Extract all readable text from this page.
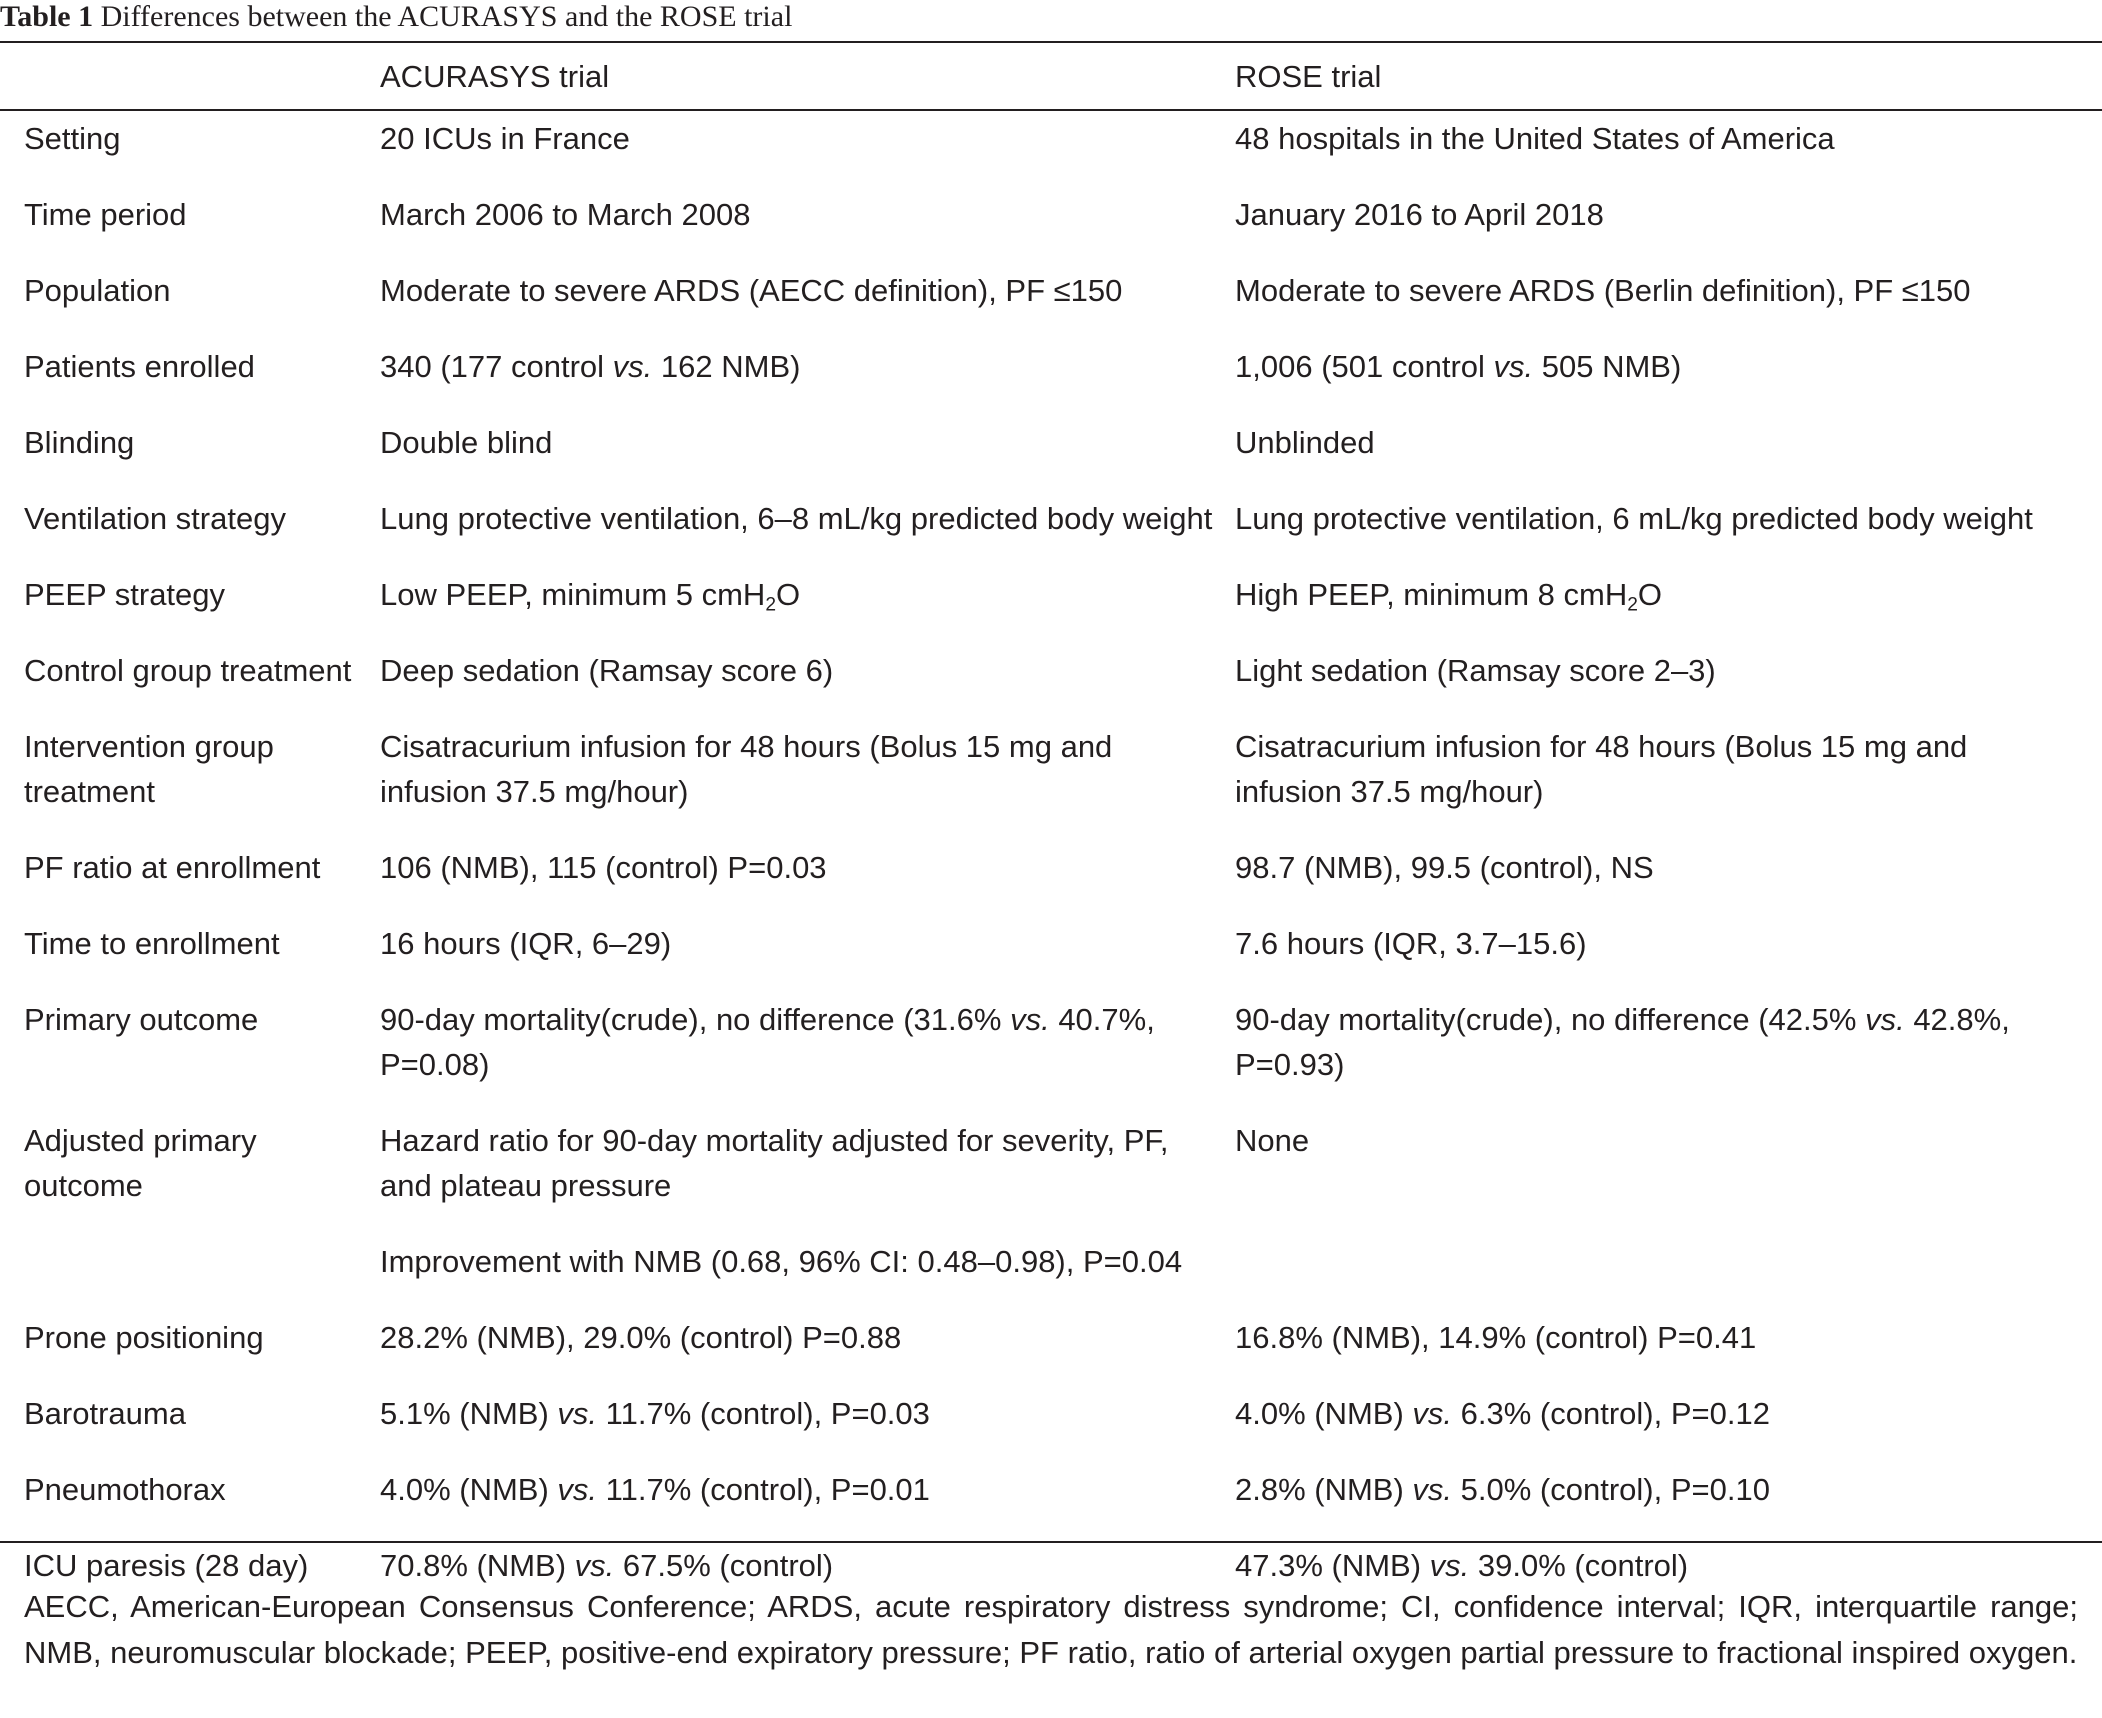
Table 1 Differences between the ACURASYS and the ROSE trial
	ACURASYS trial	ROSE trial
Setting	20 ICUs in France	48 hospitals in the United States of America
Time period	March 2006 to March 2008	January 2016 to April 2018
Population	Moderate to severe ARDS (AECC definition), PF ≤150	Moderate to severe ARDS (Berlin definition), PF ≤150
Patients enrolled	340 (177 control vs. 162 NMB)	1,006 (501 control vs. 505 NMB)
Blinding	Double blind	Unblinded
Ventilation strategy	Lung protective ventilation, 6–8 mL/kg predicted body weight	Lung protective ventilation, 6 mL/kg predicted body weight
PEEP strategy	Low PEEP, minimum 5 cmH$_2$O	High PEEP, minimum 8 cmH$_2$O
Control group treatment	Deep sedation (Ramsay score 6)	Light sedation (Ramsay score 2–3)
Intervention group treatment	Cisatracurium infusion for 48 hours (Bolus 15 mg and infusion 37.5 mg/hour)	Cisatracurium infusion for 48 hours (Bolus 15 mg and infusion 37.5 mg/hour)
PF ratio at enrollment	106 (NMB), 115 (control) P=0.03	98.7 (NMB), 99.5 (control), NS
Time to enrollment	16 hours (IQR, 6–29)	7.6 hours (IQR, 3.7–15.6)
Primary outcome	90-day mortality(crude), no difference (31.6% vs. 40.7%, P=0.08)	90-day mortality(crude), no difference (42.5% vs. 42.8%, P=0.93)
Adjusted primary outcome	Hazard ratio for 90-day mortality adjusted for severity, PF, and plateau pressure	None
	Improvement with NMB (0.68, 96% CI: 0.48–0.98), P=0.04	
Prone positioning	28.2% (NMB), 29.0% (control) P=0.88	16.8% (NMB), 14.9% (control) P=0.41
Barotrauma	5.1% (NMB) vs. 11.7% (control), P=0.03	4.0% (NMB) vs. 6.3% (control), P=0.12
Pneumothorax	4.0% (NMB) vs. 11.7% (control), P=0.01	2.8% (NMB) vs. 5.0% (control), P=0.10
ICU paresis (28 day)	70.8% (NMB) vs. 67.5% (control)	47.3% (NMB) vs. 39.0% (control)
AECC, American-European Consensus Conference; ARDS, acute respiratory distress syndrome; CI, confidence interval; IQR, interquartile range; NMB, neuromuscular blockade; PEEP, positive-end expiratory pressure; PF ratio, ratio of arterial oxygen partial pressure to fractional inspired oxygen.
